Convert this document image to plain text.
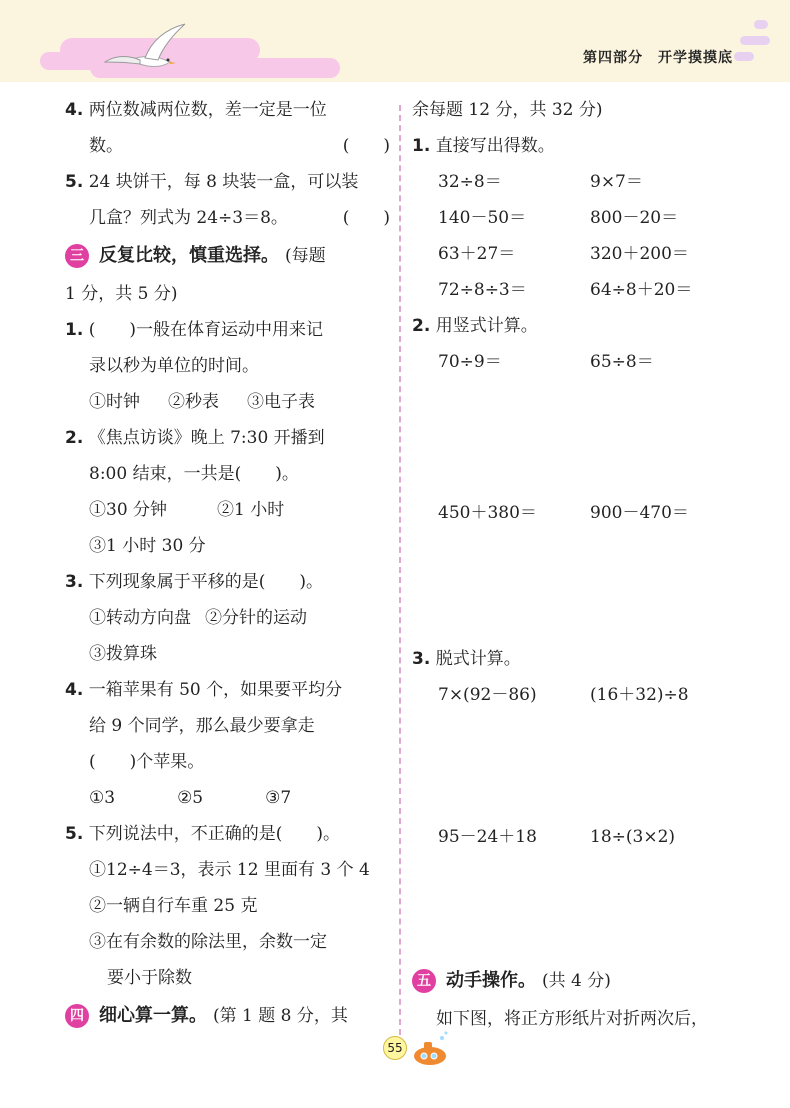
第四部分　开学摸摸底
4. 两位数减两位数，差一定是一位
数。	(　　)
5. 24 块饼干，每 8 块装一盒，可以装
几盒？列式为 24÷3＝8。	(　　)
三 反复比较，慎重选择。 (每题
1 分，共 5 分)
1. (　　)一般在体育运动中用来记
录以秒为单位的时间。
①时钟 ②秒表 ③电子表
2. 《焦点访谈》晚上 7:30 开播到
8:00 结束，一共是(　　)。
①30 分钟	②1 小时
③1 小时 30 分
3. 下列现象属于平移的是(　　)。
①转动方向盘 ②分针的运动
③拨算珠
4. 一箱苹果有 50 个，如果要平均分
给 9 个同学，那么最少要拿走
(　　)个苹果。
①3	②5	③7
5. 下列说法中，不正确的是(　　)。
①12÷4＝3，表示 12 里面有 3 个 4
②一辆自行车重 25 克
③在有余数的除法里，余数一定
要小于除数
四 细心算一算。 (第 1 题 8 分，其
余每题 12 分，共 32 分)
1. 直接写出得数。
32÷8＝	9×7＝
140－50＝	800－20＝
63＋27＝	320＋200＝
72÷8÷3＝	64÷8＋20＝
2. 用竖式计算。
70÷9＝	65÷8＝
450＋380＝	900－470＝
3. 脱式计算。
7×(92－86)	(16＋32)÷8
95－24＋18	18÷(3×2)
五 动手操作。 (共 4 分)
如下图，将正方形纸片对折两次后，
55
